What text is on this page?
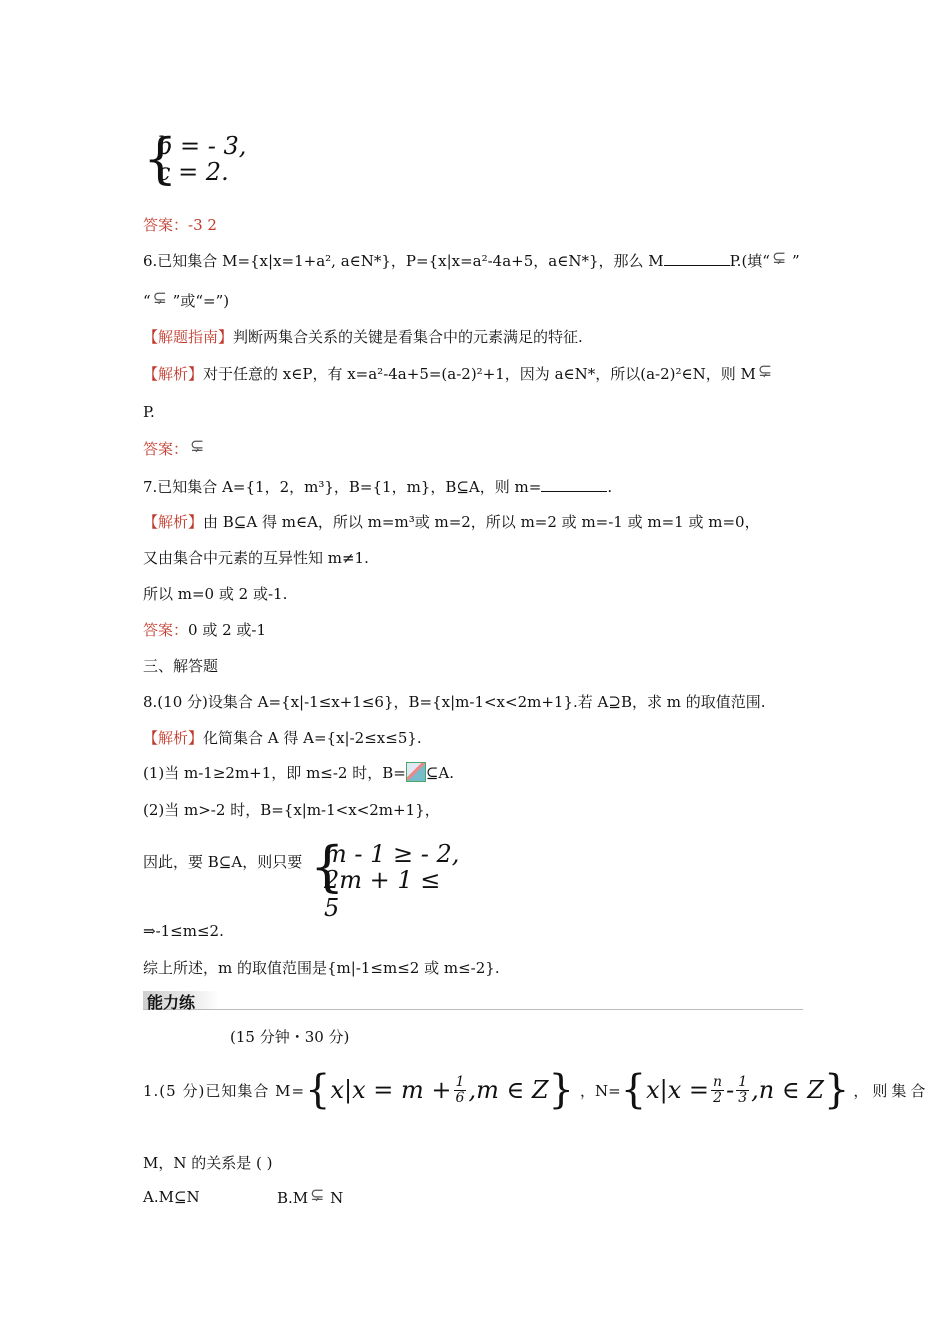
{
b = - 3,
c = 2.
答案：-3 2
6.已知集合 M={x|x=1+a², a∈N*}，P={x|x=a²-4a+5，a∈N*}，那么 M	P.(填“ ⊊ ”
“ ⊊ ”或“=”)
【解题指南】判断两集合关系的关键是看集合中的元素满足的特征.
【解析】对于任意的 x∈P，有 x=a²-4a+5=(a-2)²+1，因为 a∈N*，所以(a-2)²∈N，则 M⊊
P.
答案：⊊
7.已知集合 A={1，2，m³}，B={1，m}，B⊆A，则 m=	.
【解析】由 B⊆A 得 m∈A，所以 m=m³或 m=2，所以 m=2 或 m=-1 或 m=1 或 m=0，
又由集合中元素的互异性知 m≠1.
所以 m=0 或 2 或-1.
答案：0 或 2 或-1
三、解答题
8.(10 分)设集合 A={x|-1≤x+1≤6}，B={x|m-1<x<2m+1}.若 A⊇B，求 m 的取值范围.
【解析】化简集合 A 得 A={x|-2≤x≤5}.
(1)当 m-1≥2m+1，即 m≤-2 时，B= ⊆A.
(2)当 m>-2 时，B={x|m-1<x<2m+1}，
因此，要 B⊆A，则只要 {
m - 1 ≥ - 2,
2m + 1 ≤ 5
⇒-1≤m≤2.
综上所述，m 的取值范围是{m|-1≤m≤2 或 m≤-2}.
能力练
(15 分钟・30 分)
1.(5 分)已知集合 M= { $x|x = m + \frac{1}{6} ,m$ ∈ Z } ，N= { $x|x = \frac{n}{2} - \frac{1}{3} ,n$ ∈ Z } ，则集合
M，N 的关系是 ( )
A.M⊆N	B.M ⊊ N
